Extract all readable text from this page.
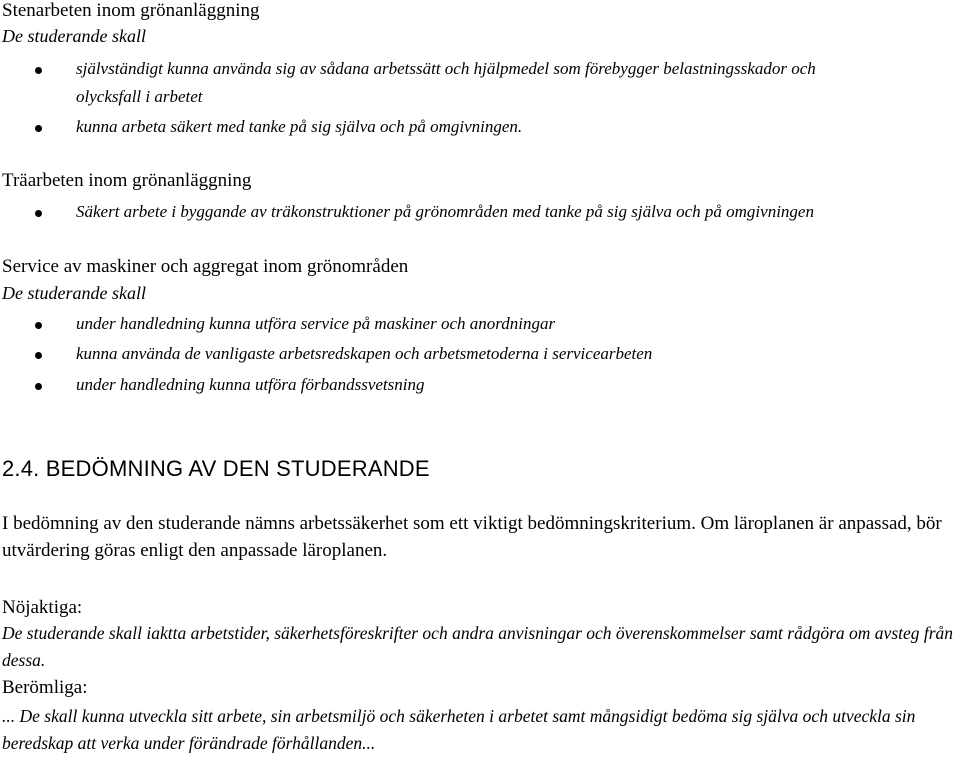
Stenarbeten inom grönanläggning
De studerande skall
självständigt kunna använda sig av sådana arbetssätt och hjälpmedel som förebygger belastningsskador och
olycksfall i arbetet
kunna arbeta säkert med tanke på sig själva och på omgivningen.
Träarbeten inom grönanläggning
Säkert arbete i byggande av träkonstruktioner på grönområden med tanke på sig själva och på omgivningen
Service av maskiner och aggregat inom grönområden
De studerande skall
under handledning kunna utföra service på maskiner och anordningar
kunna använda de vanligaste arbetsredskapen och arbetsmetoderna i servicearbeten
under handledning kunna utföra förbandssvetsning
2.4. BEDÖMNING AV DEN STUDERANDE
I bedömning av den studerande nämns arbetssäkerhet som ett viktigt bedömningskriterium. Om läroplanen är anpassad, bör utvärdering göras enligt den anpassade läroplanen.
Nöjaktiga:
De studerande skall iaktta arbetstider, säkerhetsföreskrifter och andra anvisningar och överenskommelser samt rådgöra om avsteg från dessa.
Berömliga:
... De skall kunna utveckla sitt arbete, sin arbetsmiljö och säkerheten i arbetet samt mångsidigt bedöma sig själva och utveckla sin beredskap att verka under förändrade förhållanden...
